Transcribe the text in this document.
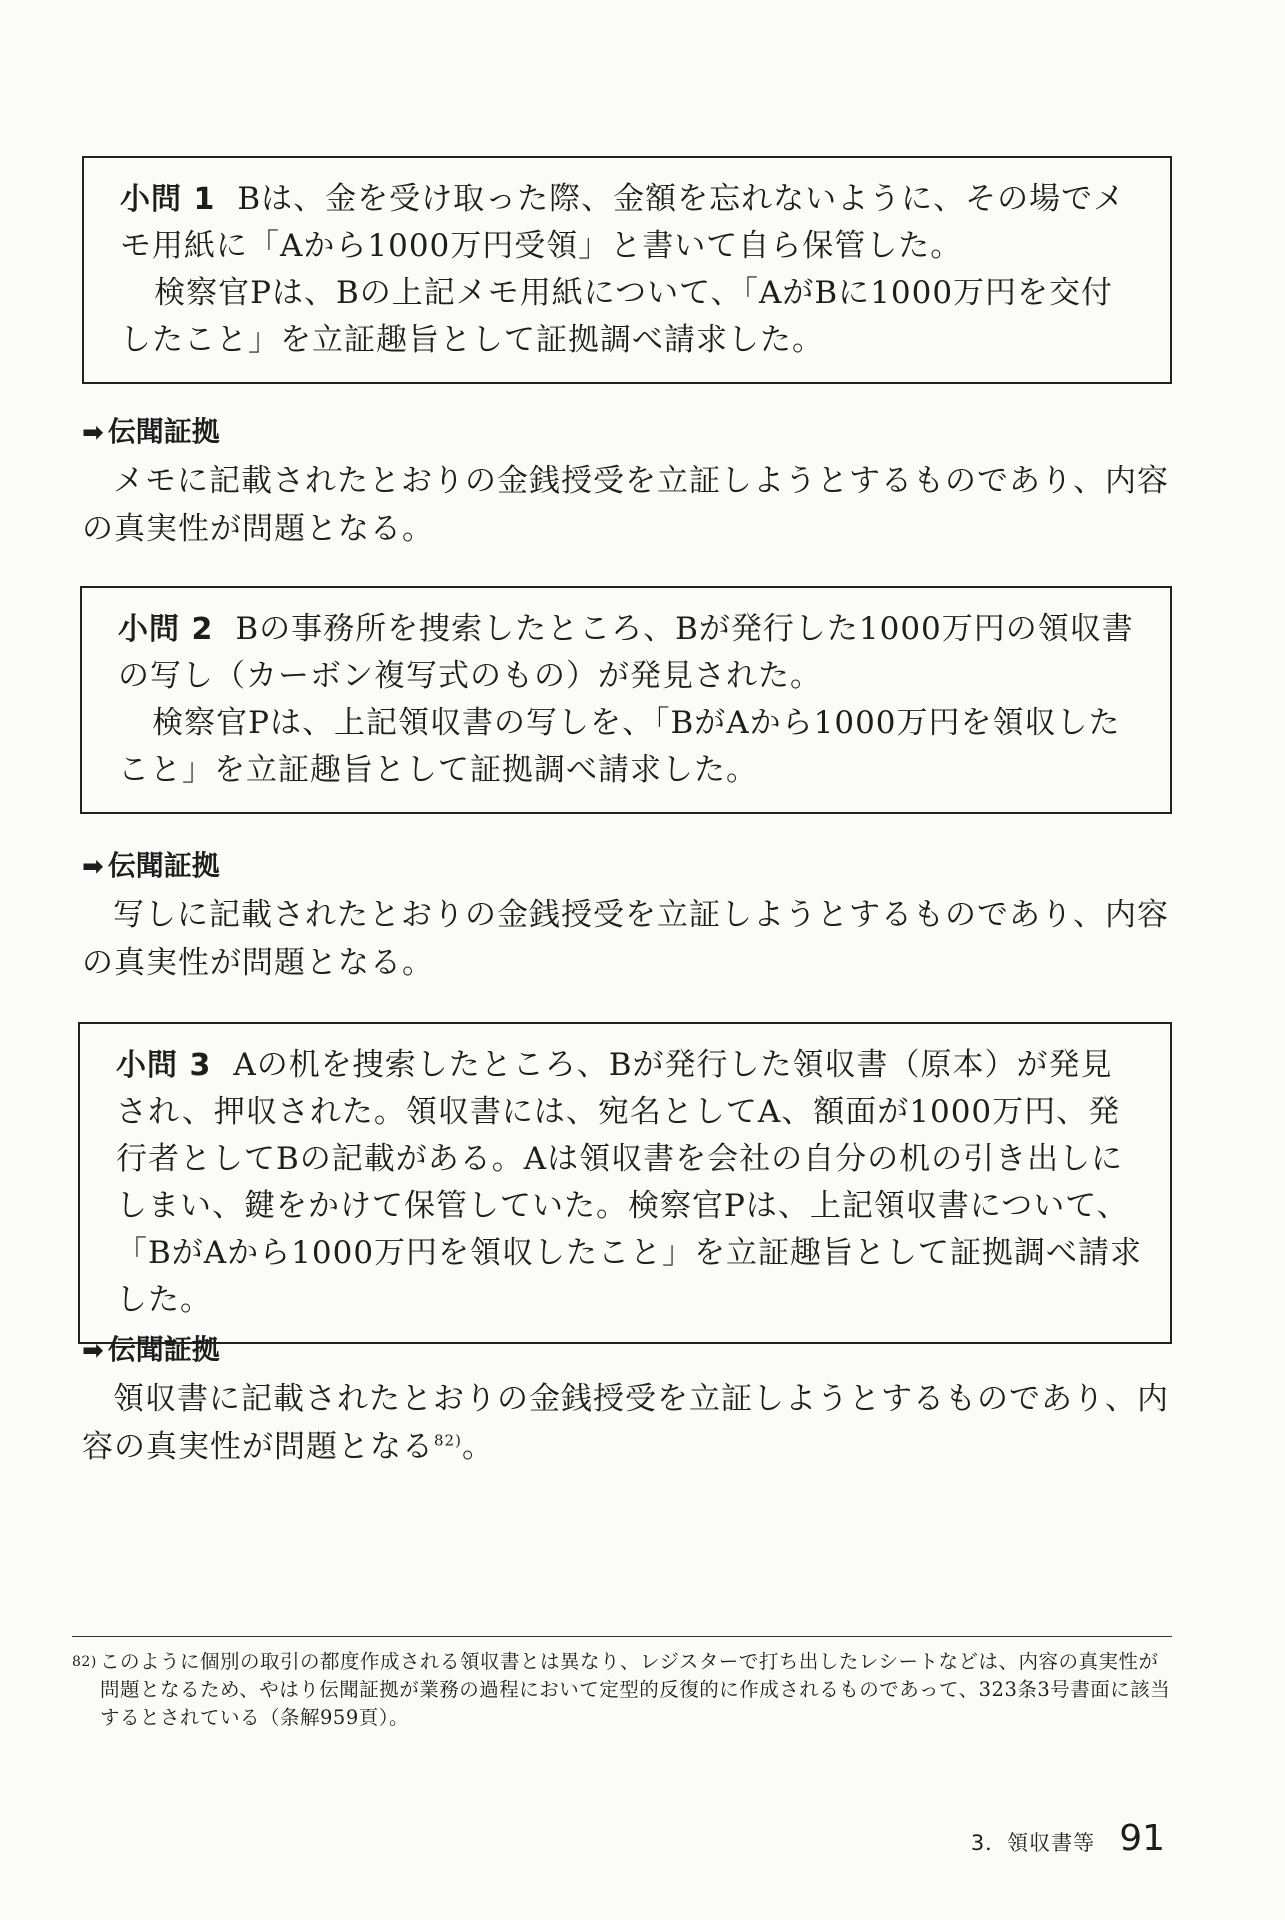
小問 1 Bは、金を受け取った際、金額を忘れないように、その場でメモ用紙に「Aから1000万円受領」と書いて自ら保管した。

検察官Pは、Bの上記メモ用紙について、「AがBに1000万円を交付したこと」を立証趣旨として証拠調べ請求した。

➡ 伝聞証拠

メモに記載されたとおりの金銭授受を立証しようとするものであり、内容の真実性が問題となる。

小問 2 Bの事務所を捜索したところ、Bが発行した1000万円の領収書の写し（カーボン複写式のもの）が発見された。

検察官Pは、上記領収書の写しを、「BがAから1000万円を領収したこと」を立証趣旨として証拠調べ請求した。

➡ 伝聞証拠

写しに記載されたとおりの金銭授受を立証しようとするものであり、内容の真実性が問題となる。

小問 3 Aの机を捜索したところ、Bが発行した領収書（原本）が発見され、押収された。領収書には、宛名としてA、額面が1000万円、発行者としてBの記載がある。Aは領収書を会社の自分の机の引き出しにしまい、鍵をかけて保管していた。検察官Pは、上記領収書について、「BがAから1000万円を領収したこと」を立証趣旨として証拠調べ請求した。

➡ 伝聞証拠

領収書に記載されたとおりの金銭授受を立証しようとするものであり、内容の真実性が問題となる$^{82)}$。

82) このように個別の取引の都度作成される領収書とは異なり、レジスターで打ち出したレシートなどは、内容の真実性が問題となるため、やはり伝聞証拠が業務の過程において定型的反復的に作成されるものであって、323条3号書面に該当するとされている（条解959頁）。
3．領収書等 91
